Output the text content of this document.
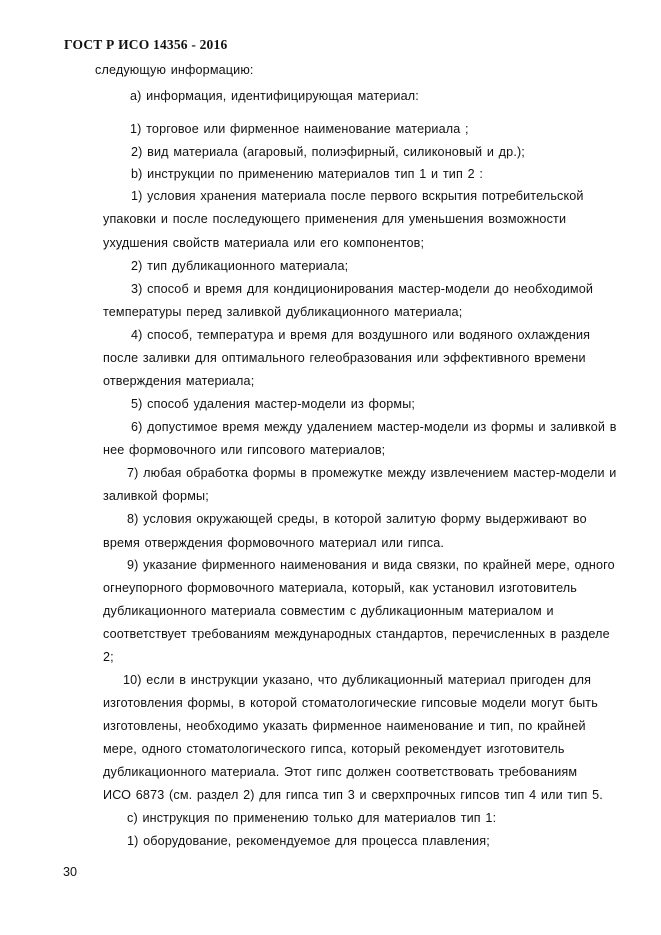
ГОСТ Р ИСО 14356 - 2016
следующую информацию:
а) информация, идентифицирующая материал:
1) торговое или фирменное наименование материала ;
2) вид материала (агаровый, полиэфирный, силиконовый и др.);
b) инструкции по применению материалов тип 1 и тип 2 :
1) условия хранения материала после первого вскрытия потребительской
упаковки и после последующего применения для уменьшения возможности
ухудшения свойств материала или его компонентов;
2) тип дубликационного материала;
3) способ и время для кондиционирования мастер-модели до необходимой
температуры перед заливкой дубликационного материала;
4) способ, температура и время для воздушного или водяного охлаждения
после заливки для оптимального гелеобразования или эффективного времени
отверждения материала;
5) способ удаления мастер-модели из формы;
6) допустимое время между удалением мастер-модели из формы и заливкой в
нее формовочного или гипсового материалов;
7) любая обработка формы в промежутке между извлечением мастер-модели и
заливкой формы;
8) условия окружающей среды, в которой залитую форму выдерживают во
время отверждения формовочного материал или гипса.
9) указание фирменного наименования и вида связки, по крайней мере, одного
огнеупорного формовочного материала, который, как установил изготовитель
дубликационного материала совместим с дубликационным материалом и
соответствует требованиям международных стандартов, перечисленных в разделе
2;
10) если в инструкции указано, что дубликационный материал пригоден для
изготовления формы, в которой стоматологические гипсовые модели могут быть
изготовлены, необходимо указать фирменное наименование и тип, по крайней
мере, одного стоматологического гипса, который рекомендует изготовитель
дубликационного материала. Этот гипс должен соответствовать требованиям
ИСО 6873 (см. раздел 2) для гипса тип 3 и сверхпрочных гипсов тип 4 или тип 5.
с) инструкция по применению только для материалов тип 1:
1) оборудование, рекомендуемое для процесса плавления;
30
